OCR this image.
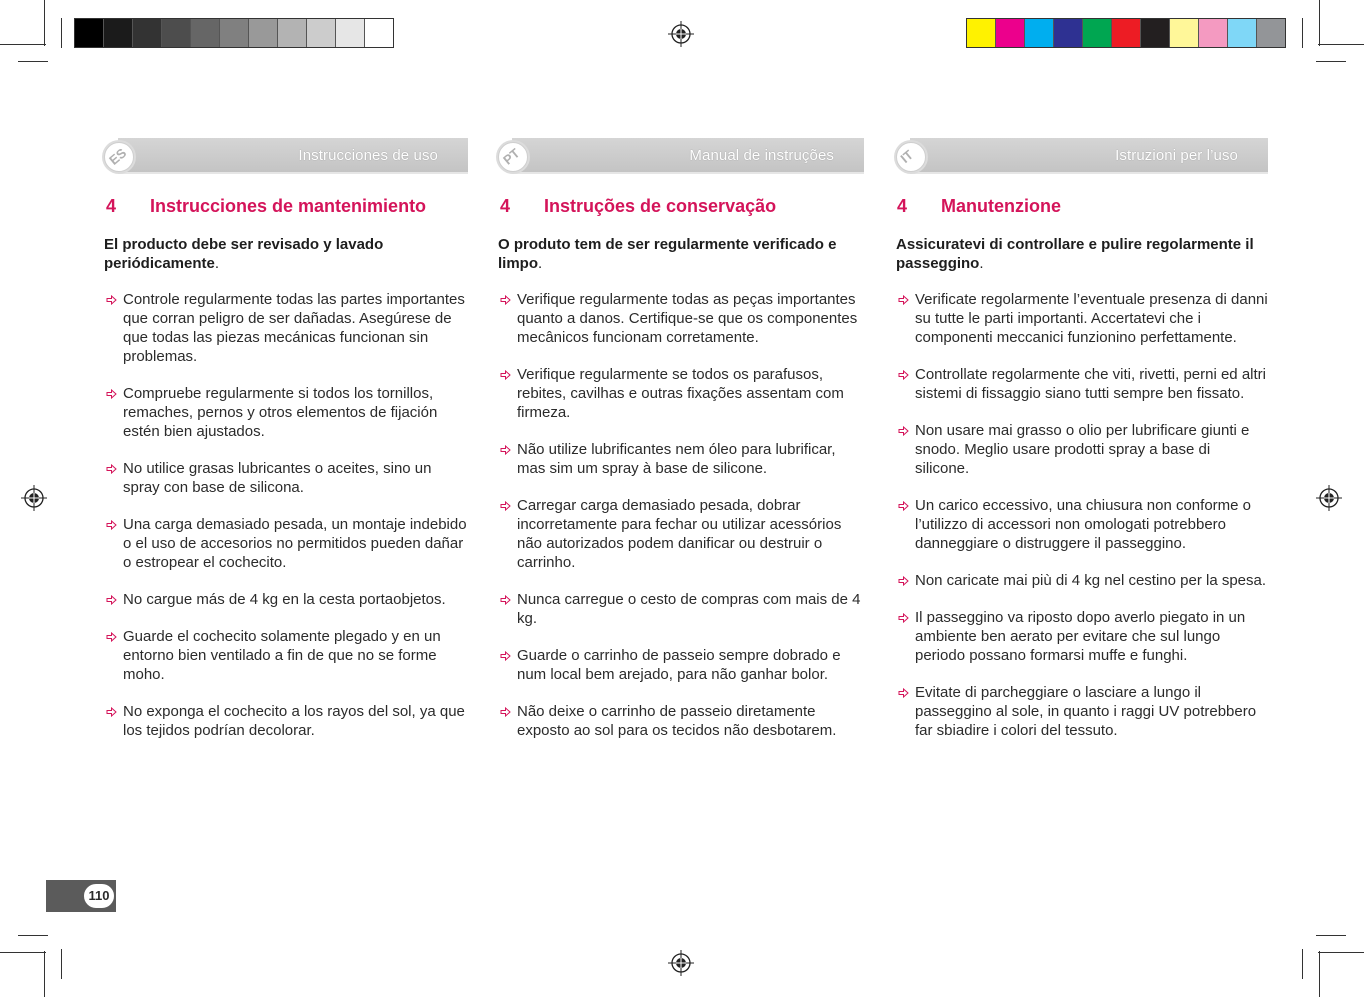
Instrucciones de uso
ES
4	Instrucciones de mantenimiento
El producto debe ser revisado y lavado periódicamente.
Controle regularmente todas las partes importantes que corran peligro de ser dañadas. Asegúrese de que todas las piezas mecánicas funcionan sin problemas.
Compruebe regularmente si todos los tornillos, remaches, pernos y otros elementos de fijación estén bien ajustados.
No utilice grasas lubricantes o aceites, sino un spray con base de silicona.
Una carga demasiado pesada, un montaje indebido o el uso de accesorios no permitidos pueden dañar o estropear el cochecito.
No cargue más de 4 kg en la cesta portaobjetos.
Guarde el cochecito solamente plegado y en un entorno bien ventilado a fin de que no se forme moho.
No exponga el cochecito a los rayos del sol, ya que los tejidos podrían decolorar.
Manual de instruções
PT
4	Instruções de conservação
O produto tem de ser regularmente verificado e limpo.
Verifique regularmente todas as peças importantes quanto a danos. Certifique-se que os componentes mecânicos funcionam corretamente.
Verifique regularmente se todos os parafusos, rebites, cavilhas e outras fixações assentam com firmeza.
Não utilize lubrificantes nem óleo para lubrificar, mas sim um spray à base de silicone.
Carregar carga demasiado pesada, dobrar incorretamente para fechar ou utilizar acessórios não autorizados podem danificar ou destruir o carrinho.
Nunca carregue o cesto de compras com mais de 4 kg.
Guarde o carrinho de passeio sempre dobrado e num local bem arejado, para não ganhar bolor.
Não deixe o carrinho de passeio diretamente exposto ao sol para os tecidos não desbotarem.
Istruzioni per l’uso
IT
4	Manutenzione
Assicuratevi di controllare e pulire regolarmente il passeggino.
Verificate regolarmente l’eventuale presenza di danni su tutte le parti importanti. Accertatevi che i componenti meccanici funzionino perfettamente.
Controllate regolarmente che viti, rivetti, perni ed altri sistemi di fissaggio siano tutti sempre ben fissato.
Non usare mai grasso o olio per lubrificare giunti e snodo. Meglio usare prodotti spray a base di silicone.
Un carico eccessivo, una chiusura non conforme o l’utilizzo di accessori non omologati potrebbero danneggiare o distruggere il passeggino.
Non caricate mai più di 4 kg nel cestino per la spesa.
Il passeggino va riposto dopo averlo piegato in un ambiente ben aerato per evitare che sul lungo periodo possano formarsi muffe e funghi.
Evitate di parcheggiare o lasciare a lungo il passeggino al sole, in quanto i raggi UV potrebbero far sbiadire i colori del tessuto.
110
